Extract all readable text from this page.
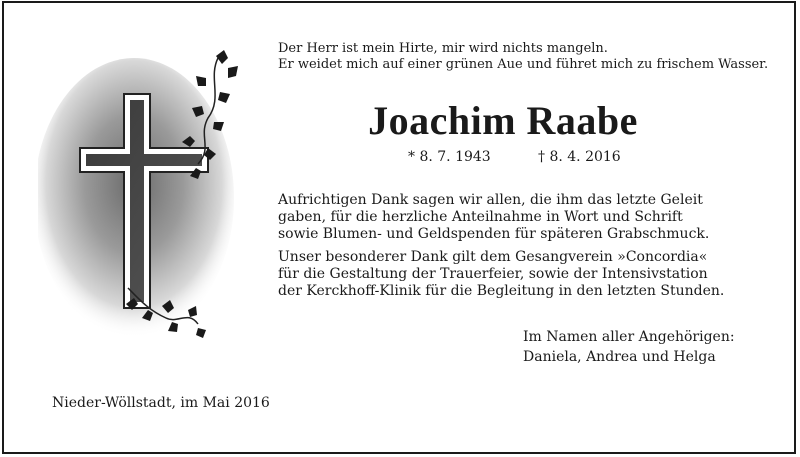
Der Herr ist mein Hirte, mir wird nichts mangeln.
Er weidet mich auf einer grünen Aue und führet mich zu frischem Wasser.
Joachim Raabe
* 8. 7. 1943	† 8. 4. 2016
Aufrichtigen Dank sagen wir allen, die ihm das letzte Geleit
gaben, für die herzliche Anteilnahme in Wort und Schrift
sowie Blumen- und Geldspenden für späteren Grabschmuck.
Unser besonderer Dank gilt dem Gesangverein »Concordia«
für die Gestaltung der Trauerfeier, sowie der Intensivstation
der Kerckhoff-Klinik für die Begleitung in den letzten Stunden.
Im Namen aller Angehörigen:
Daniela, Andrea und Helga
Nieder-Wöllstadt, im Mai 2016
